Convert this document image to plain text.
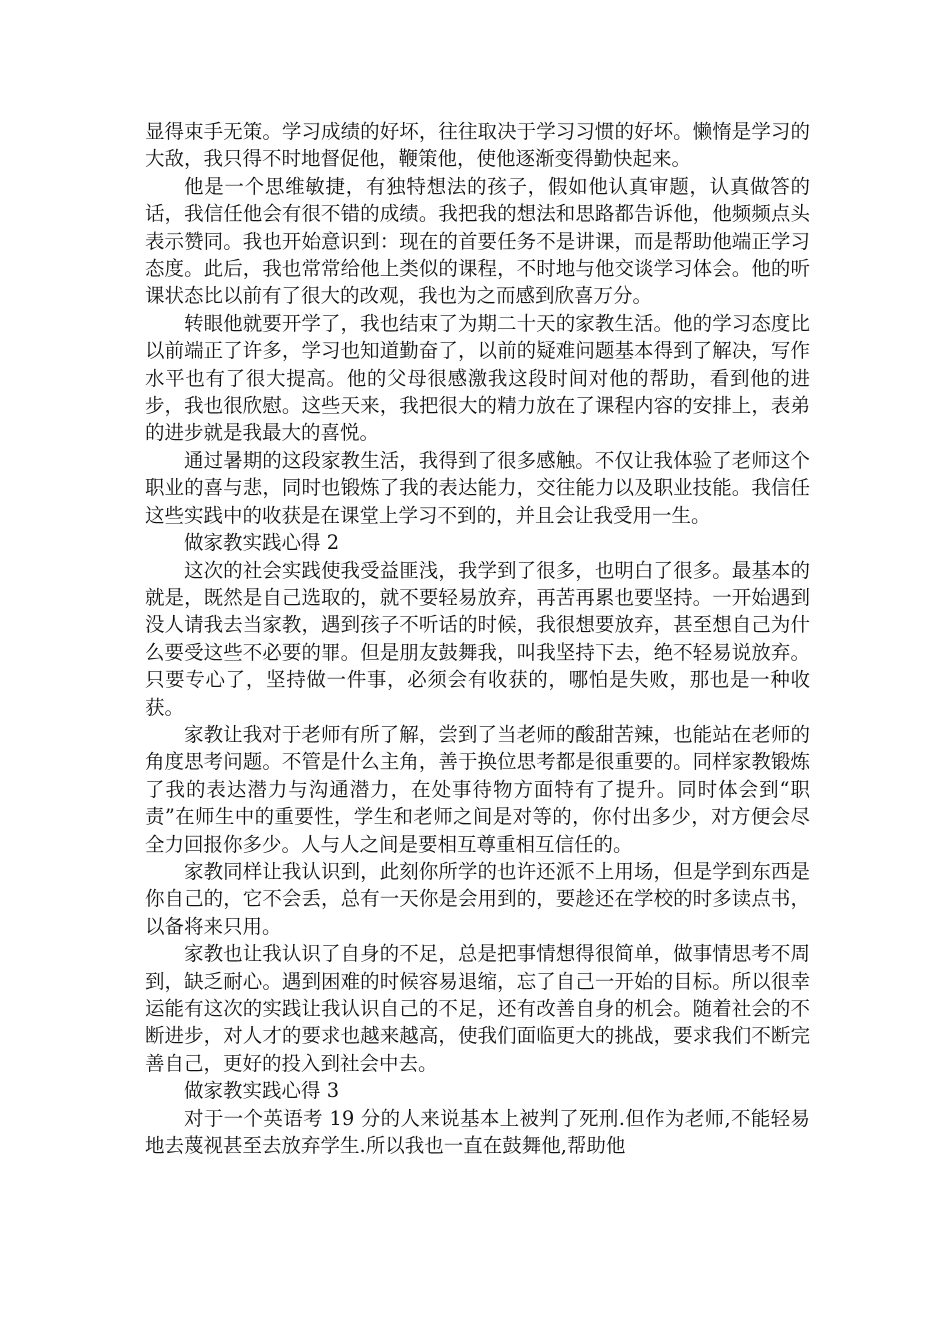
显得束手无策。学习成绩的好坏，往往取决于学习习惯的好坏。懒惰是学习的大敌，我只得不时地督促他，鞭策他，使他逐渐变得勤快起来。

他是一个思维敏捷，有独特想法的孩子，假如他认真审题，认真做答的话，我信任他会有很不错的成绩。我把我的想法和思路都告诉他，他频频点头表示赞同。我也开始意识到：现在的首要任务不是讲课，而是帮助他端正学习态度。此后，我也常常给他上类似的课程，不时地与他交谈学习体会。他的听课状态比以前有了很大的改观，我也为之而感到欣喜万分。

转眼他就要开学了，我也结束了为期二十天的家教生活。他的学习态度比以前端正了许多，学习也知道勤奋了，以前的疑难问题基本得到了解决，写作水平也有了很大提高。他的父母很感激我这段时间对他的帮助，看到他的进步，我也很欣慰。这些天来，我把很大的精力放在了课程内容的安排上，表弟的进步就是我最大的喜悦。

通过暑期的这段家教生活，我得到了很多感触。不仅让我体验了老师这个职业的喜与悲，同时也锻炼了我的表达能力，交往能力以及职业技能。我信任这些实践中的收获是在课堂上学习不到的，并且会让我受用一生。

做家教实践心得 2

这次的社会实践使我受益匪浅，我学到了很多，也明白了很多。最基本的就是，既然是自己选取的，就不要轻易放弃，再苦再累也要坚持。一开始遇到没人请我去当家教，遇到孩子不听话的时候，我很想要放弃，甚至想自己为什么要受这些不必要的罪。但是朋友鼓舞我，叫我坚持下去，绝不轻易说放弃。只要专心了，坚持做一件事，必须会有收获的，哪怕是失败，那也是一种收获。

家教让我对于老师有所了解，尝到了当老师的酸甜苦辣，也能站在老师的角度思考问题。不管是什么主角，善于换位思考都是很重要的。同样家教锻炼了我的表达潜力与沟通潜力，在处事待物方面特有了提升。同时体会到“职责”在师生中的重要性，学生和老师之间是对等的，你付出多少，对方便会尽全力回报你多少。人与人之间是要相互尊重相互信任的。

家教同样让我认识到，此刻你所学的也许还派不上用场，但是学到东西是你自己的，它不会丢，总有一天你是会用到的，要趁还在学校的时多读点书，以备将来只用。

家教也让我认识了自身的不足，总是把事情想得很简单，做事情思考不周到，缺乏耐心。遇到困难的时候容易退缩，忘了自己一开始的目标。所以很幸运能有这次的实践让我认识自己的不足，还有改善自身的机会。随着社会的不断进步，对人才的要求也越来越高，使我们面临更大的挑战，要求我们不断完善自己，更好的投入到社会中去。

做家教实践心得 3

对于一个英语考 19 分的人来说基本上被判了死刑.但作为老师,不能轻易地去蔑视甚至去放弃学生.所以我也一直在鼓舞他,帮助他
